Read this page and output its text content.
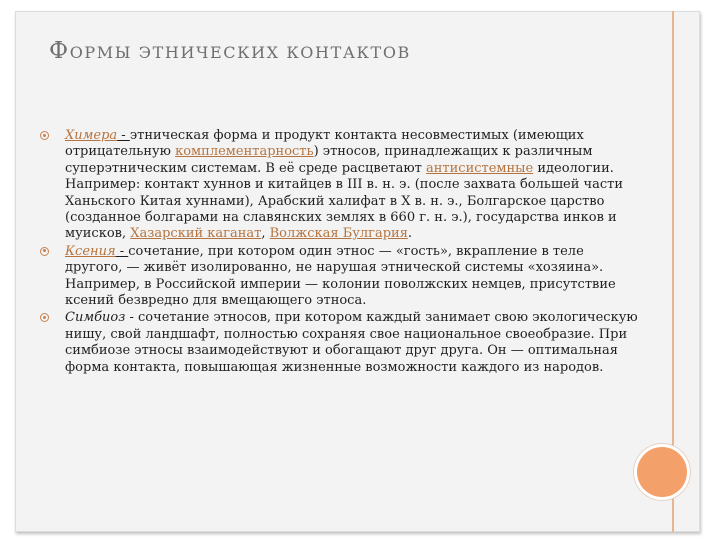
ФОРМЫ ЭТНИЧЕСКИХ КОНТАКТОВ
Химера - этническая форма и продукт контакта несовместимых (имеющих отрицательную комплементарность) этносов, принадлежащих к различным суперэтническим системам. В её среде расцветают антисистемные идеологии. Например: контакт хуннов и китайцев в III в. н. э. (после захвата большей части Ханьского Китая хуннами), Арабский халифат в X в. н. э., Болгарское царство (созданное болгарами на славянских землях в 660 г. н. э.), государства инков и муисков, Хазарский каганат, Волжская Булгария.
Ксения - сочетание, при котором один этнос — «гость», вкрапление в теле другого, — живёт изолированно, не нарушая этнической системы «хозяина». Например, в Российской империи — колонии поволжских немцев, присутствие ксений безвредно для вмещающего этноса.
Симбиоз - сочетание этносов, при котором каждый занимает свою экологическую нишу, свой ландшафт, полностью сохраняя свое национальное своеобразие. При симбиозе этносы взаимодействуют и обогащают друг друга. Он — оптимальная форма контакта, повышающая жизненные возможности каждого из народов.
